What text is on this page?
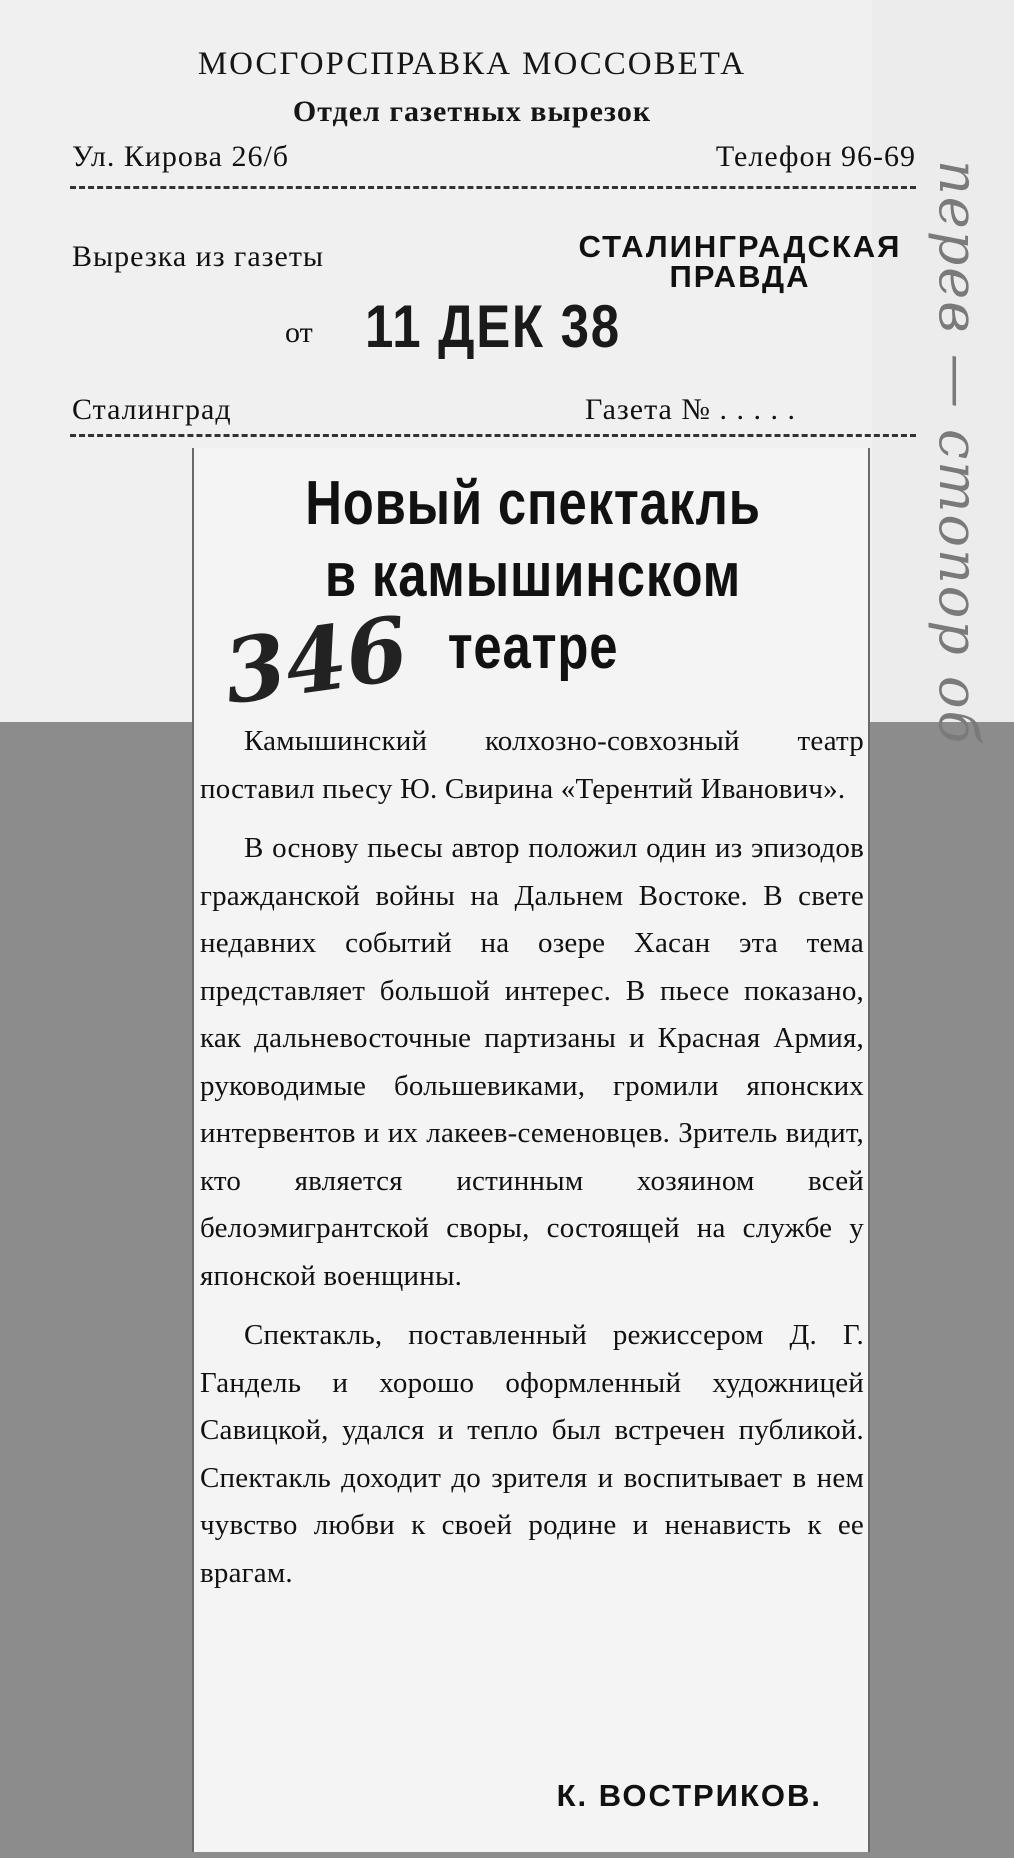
МОСГОРСПРАВКА МОССОВЕТА
Отдел газетных вырезок
Ул. Кирова 26/б	Телефон 96-69
Вырезка из газеты	СТАЛИНГРАДСКАЯ
ПРАВДА
от 11 ДЕК 38
Сталинград	Газета № . . . . . перев — стопор об
Новый спектакль
в камышинском
театре
346

Камышинский колхозно-совхозный театр поставил пьесу Ю. Свирина «Терентий Иванович».

В основу пьесы автор положил один из эпизодов гражданской войны на Дальнем Востоке. В свете недавних событий на озере Хасан эта тема представляет большой интерес. В пьесе показано, как дальневосточные партизаны и Красная Армия, руководимые большевиками, громили японских интервентов и их лакеев-семеновцев. Зритель видит, кто является истинным хозяином всей белоэмигрантской своры, состоящей на службе у японской военщины.

Спектакль, поставленный режиссером Д. Г. Гандель и хорошо оформленный художницей Савицкой, удался и тепло был встречен публикой. Спектакль доходит до зрителя и воспитывает в нем чувство любви к своей родине и ненависть к ее врагам.

К. ВОСТРИКОВ.
